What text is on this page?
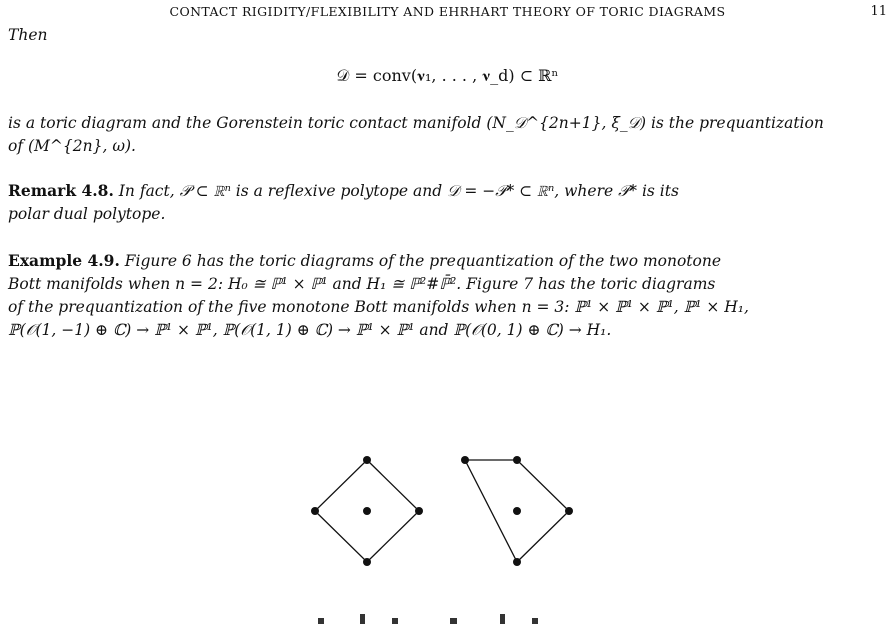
CONTACT RIGIDITY/FLEXIBILITY AND EHRHART THEORY OF TORIC DIAGRAMS	11
Then
𝒟 = conv(𝛎₁, . . . , 𝛎_d) ⊂ ℝⁿ
is a toric diagram and the Gorenstein toric contact manifold (N_𝒟^{2n+1}, ξ_𝒟) is the prequantization
of (M^{2n}, ω).
Remark 4.8. In fact, 𝒫 ⊂ ℝⁿ is a reflexive polytope and 𝒟 = −𝒫* ⊂ ℝⁿ, where 𝒫* is its
polar dual polytope.
Example 4.9. Figure 6 has the toric diagrams of the prequantization of the two monotone
Bott manifolds when n = 2: H₀ ≅ ℙ¹ × ℙ¹ and H₁ ≅ ℙ²#ℙ̄². Figure 7 has the toric diagrams
of the prequantization of the five monotone Bott manifolds when n = 3: ℙ¹ × ℙ¹ × ℙ¹, ℙ¹ × H₁,
ℙ(𝒪(1, −1) ⊕ ℂ) → ℙ¹ × ℙ¹, ℙ(𝒪(1, 1) ⊕ ℂ) → ℙ¹ × ℙ¹ and ℙ(𝒪(0, 1) ⊕ ℂ) → H₁.
